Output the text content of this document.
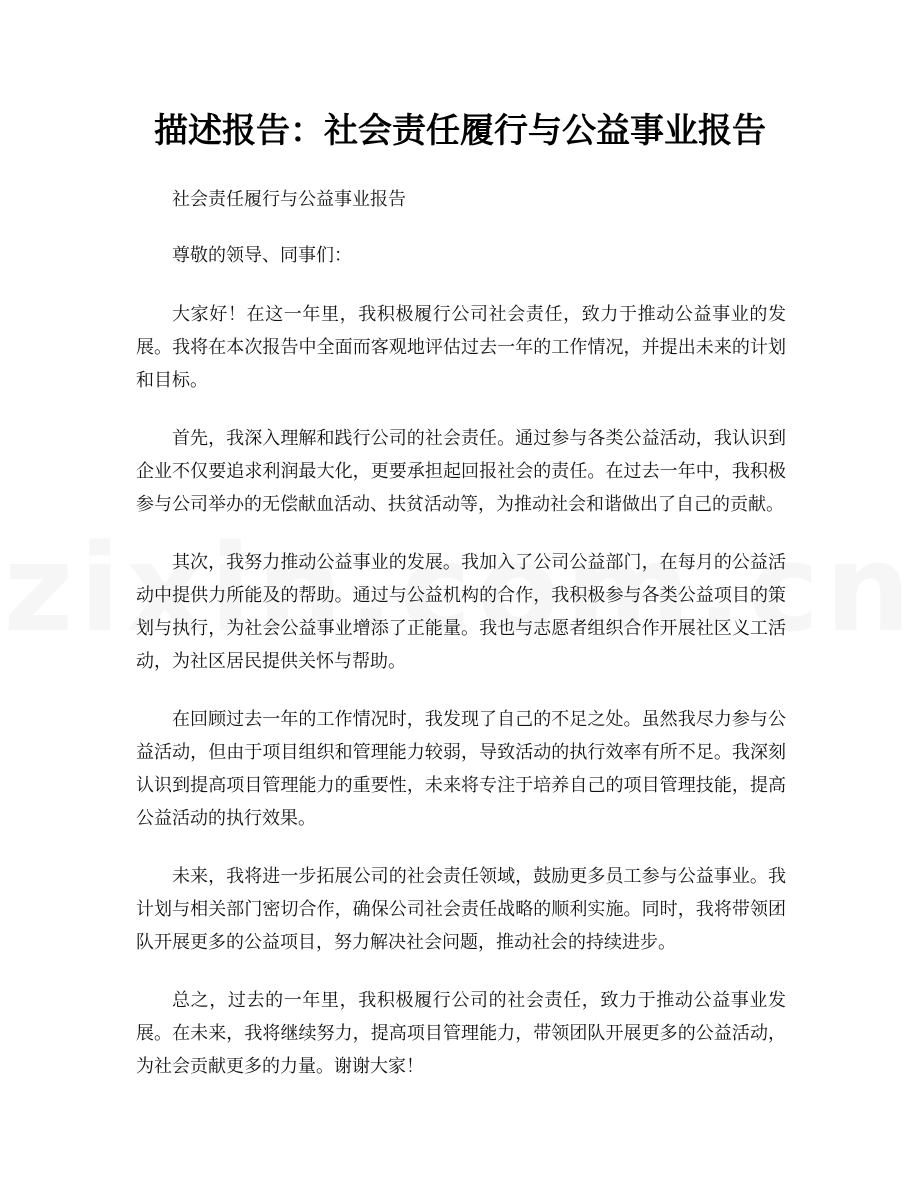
描述报告：社会责任履行与公益事业报告

社会责任履行与公益事业报告

尊敬的领导、同事们：

大家好！在这一年里，我积极履行公司社会责任，致力于推动公益事业的发展。我将在本次报告中全面而客观地评估过去一年的工作情况，并提出未来的计划和目标。

首先，我深入理解和践行公司的社会责任。通过参与各类公益活动，我认识到企业不仅要追求利润最大化，更要承担起回报社会的责任。在过去一年中，我积极参与公司举办的无偿献血活动、扶贫活动等，为推动社会和谐做出了自己的贡献。

其次，我努力推动公益事业的发展。我加入了公司公益部门，在每月的公益活动中提供力所能及的帮助。通过与公益机构的合作，我积极参与各类公益项目的策划与执行，为社会公益事业增添了正能量。我也与志愿者组织合作开展社区义工活动，为社区居民提供关怀与帮助。

在回顾过去一年的工作情况时，我发现了自己的不足之处。虽然我尽力参与公益活动，但由于项目组织和管理能力较弱，导致活动的执行效率有所不足。我深刻认识到提高项目管理能力的重要性，未来将专注于培养自己的项目管理技能，提高公益活动的执行效果。

未来，我将进一步拓展公司的社会责任领域，鼓励更多员工参与公益事业。我计划与相关部门密切合作，确保公司社会责任战略的顺利实施。同时，我将带领团队开展更多的公益项目，努力解决社会问题，推动社会的持续进步。

总之，过去的一年里，我积极履行公司的社会责任，致力于推动公益事业发展。在未来，我将继续努力，提高项目管理能力，带领团队开展更多的公益活动，为社会贡献更多的力量。谢谢大家！
